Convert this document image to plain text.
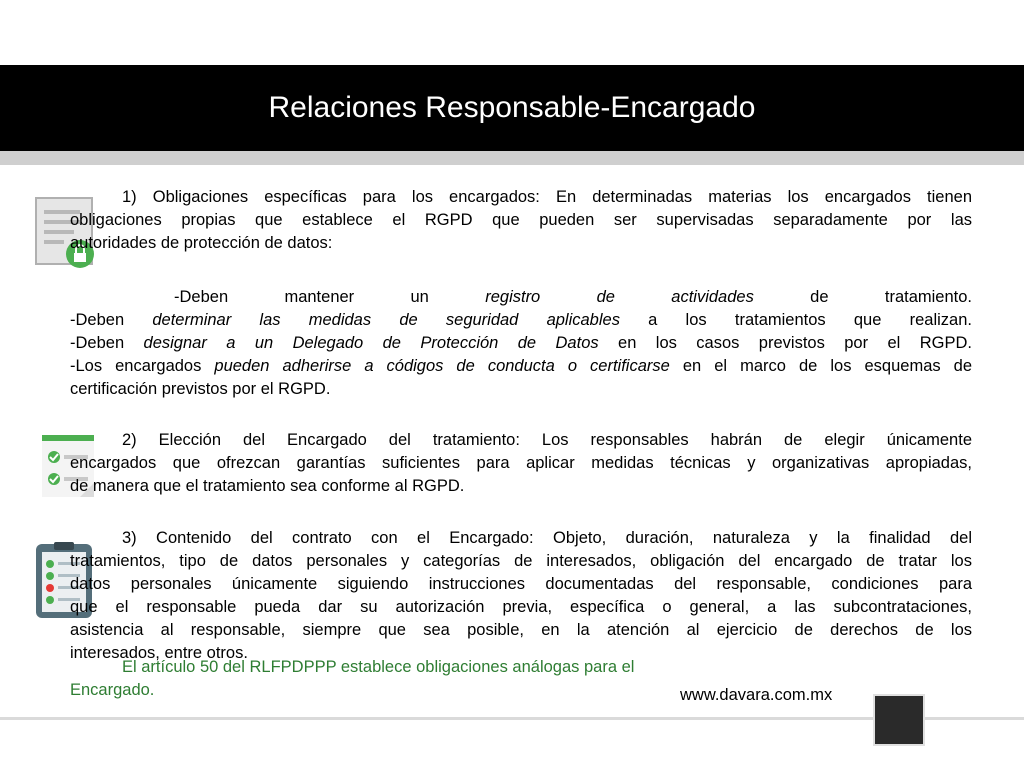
Relaciones Responsable-Encargado
1) Obligaciones específicas para los encargados: En determinadas materias los encargados tienen
obligaciones propias que establece el RGPD que pueden ser supervisadas separadamente por las
autoridades de protección de datos:
-Deben mantener un registro de actividades de tratamiento.
-Deben determinar las medidas de seguridad aplicables a los tratamientos que realizan.
-Deben designar a un Delegado de Protección de Datos en los casos previstos por el RGPD.
-Los encargados pueden adherirse a códigos de conducta o certificarse en el marco de los esquemas de
certificación previstos por el RGPD.
2) Elección del Encargado del tratamiento: Los responsables habrán de elegir únicamente
encargados que ofrezcan garantías suficientes para aplicar medidas técnicas y organizativas apropiadas,
de manera que el tratamiento sea conforme al RGPD.
3) Contenido del contrato con el Encargado: Objeto, duración, naturaleza y la finalidad del
tratamientos, tipo de datos personales y categorías de interesados, obligación del encargado de tratar los
datos personales únicamente siguiendo instrucciones documentadas del responsable, condiciones para
que el responsable pueda dar su autorización previa, específica o general, a las subcontrataciones,
asistencia al responsable, siempre que sea posible, en la atención al ejercicio de derechos de los
interesados, entre otros.
El artículo 50 del RLFPDPPP establece obligaciones análogas para el
Encargado.	www.davara.com.mx
